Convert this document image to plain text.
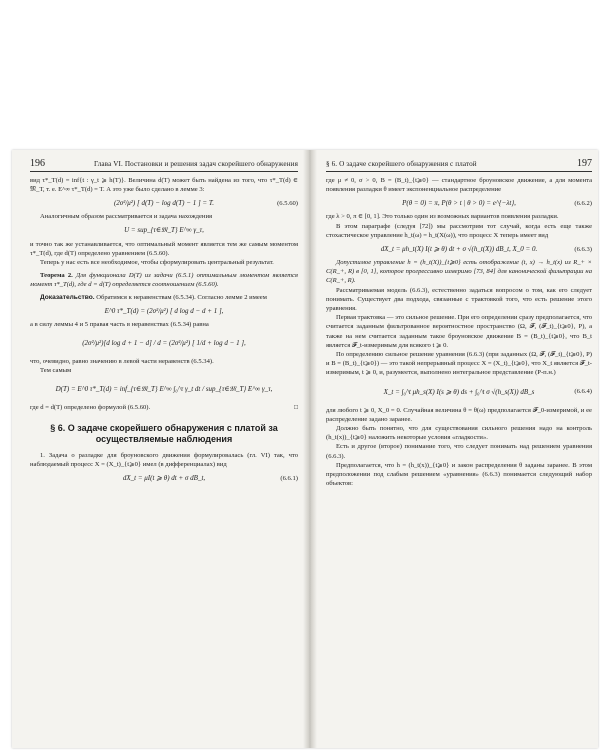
196	Глава VI. Постановки и решения задач скорейшего обнаружения

вид τ*_T(d) = inf{t : γ_t ⩾ h(T)}. Величина d(T) может быть найдена из того, что τ*_T(d) ∈ 𝔐_T, т. е. E^∞ τ*_T(d) = T. А это уже было сделано в лемме 3:

(2σ²/μ²) [ d(T) − log d(T) − 1 ] = T.	(6.5.60)

Аналогичным образом рассматривается и задача нахождения

U = sup_{τ∈𝔐_T} E^∞ γ_τ,

и точно так же устанавливается, что оптимальный момент является тем же самым моментом τ*_T(d), где d(T) определено уравнением (6.5.60).

Теперь у нас есть все необходимое, чтобы сформулировать центральный результат.

Теорема 2. Для функционала D(T) из задачи (6.5.1) оптимальным моментом является момент τ*_T(d), где d = d(T) определяется соотношением (6.5.60).

Доказательство. Обратимся к неравенствам (6.5.34). Согласно лемме 2 имеем

E^0 τ*_T(d) = (2σ²/μ²) [ d log d − d + 1 ],

а в силу леммы 4 и 5 правая часть в неравенствах (6.5.34) равна

(2σ²/μ²)[d log d + 1 − d] / d = (2σ²/μ²) [ 1/d + log d − 1 ],

что, очевидно, равно значению в левой части неравенств (6.5.34).

Тем самым

D(T) = E^0 τ*_T(d) = inf_{τ∈𝔐_T} E^∞ ∫₀^τ γ_t dt / sup_{τ∈𝔐_T} E^∞ γ_τ,

где d = d(T) определено формулой (6.5.60).	□

§ 6. О задаче скорейшего обнаружения с платой за осуществляемые наблюдения

1. Задача о разладке для броуновского движения формулировалась (гл. VI) так, что наблюдаемый процесс X = (X_t)_{t⩾0} имел (в дифференциалах) вид

dX_t = μI(t ⩾ θ) dt + σ dB_t,	(6.6.1)
§ 6. О задаче скорейшего обнаружения с платой	197

где μ ≠ 0, σ > 0, B = (B_t)_{t⩾0} — стандартное броуновское движение, а для момента появления разладки θ имеет экспоненциальное распределение

P(θ = 0) = π, P(θ > t | θ > 0) = e^{−λt},	(6.6.2)

где λ > 0, π ∈ [0, 1]. Это только один из возможных вариантов появления разладки.

В этом параграфе (следуя [72]) мы рассмотрим тот случай, когда есть еще также стохастическое управление h_t(ω) = h_t(X(ω)), что процесс X теперь имеет вид

dX_t = μh_t(X) I(t ⩾ θ) dt + σ √(h_t(X)) dB_t, X_0 = 0.	(6.6.3)

Допустимое управление h = (h_t(X))_{t⩾0} есть отображение (t, x) → h_t(x) из R_+ × C(R_+, R) в [0, 1], которое прогрессивно измеримо [73, 84] для канонической фильтрации на C(R_+, R).

Рассматриваемая модель (6.6.3), естественно задаться вопросом о том, как его следует понимать. Существует два подхода, связанные с трактовкой того, что есть решение этого уравнения.

Первая трактовка — это сильное решение. При его определении сразу предполагается, что считается заданным фильтрованное вероятностное пространство (Ω, 𝓕, (𝓕_t)_{t⩾0}, P), а также на нем считается заданным такое броуновское движение B = (B_t)_{t⩾0}, что B_t является 𝓕_t-измеримым для всякого t ⩾ 0.

По определению сильное решение уравнения (6.6.3) (при заданных (Ω, 𝓕, (𝓕_t)_{t⩾0}, P) и B = (B_t)_{t⩾0}) — это такой непрерывный процесс X = (X_t)_{t⩾0}, что X_t является 𝓕_t-измеримым, t ⩾ 0, и, разумеется, выполнено интегральное представление (P-п.н.)

X_t = ∫₀^t μh_s(X) I(s ⩾ θ) ds + ∫₀^t σ √(h_s(X)) dB_s	(6.6.4)

для любого t ⩾ 0, X_0 = 0. Случайная величина θ = θ(ω) предполагается 𝓕_0-измеримой, и ее распределение задано заранее.

Должно быть понятно, что для существования сильного решения надо на контроль (h_t(x))_{t⩾0} наложить некоторые условия «гладкости».

Есть и другое (второе) понимание того, что следует понимать над решением уравнения (6.6.3).

Предполагается, что h = (h_t(x))_{t⩾0} и закон распределения θ заданы заранее. В этом предположении под слабым решением «уравнения» (6.6.3) понимается следующий набор объектов:
